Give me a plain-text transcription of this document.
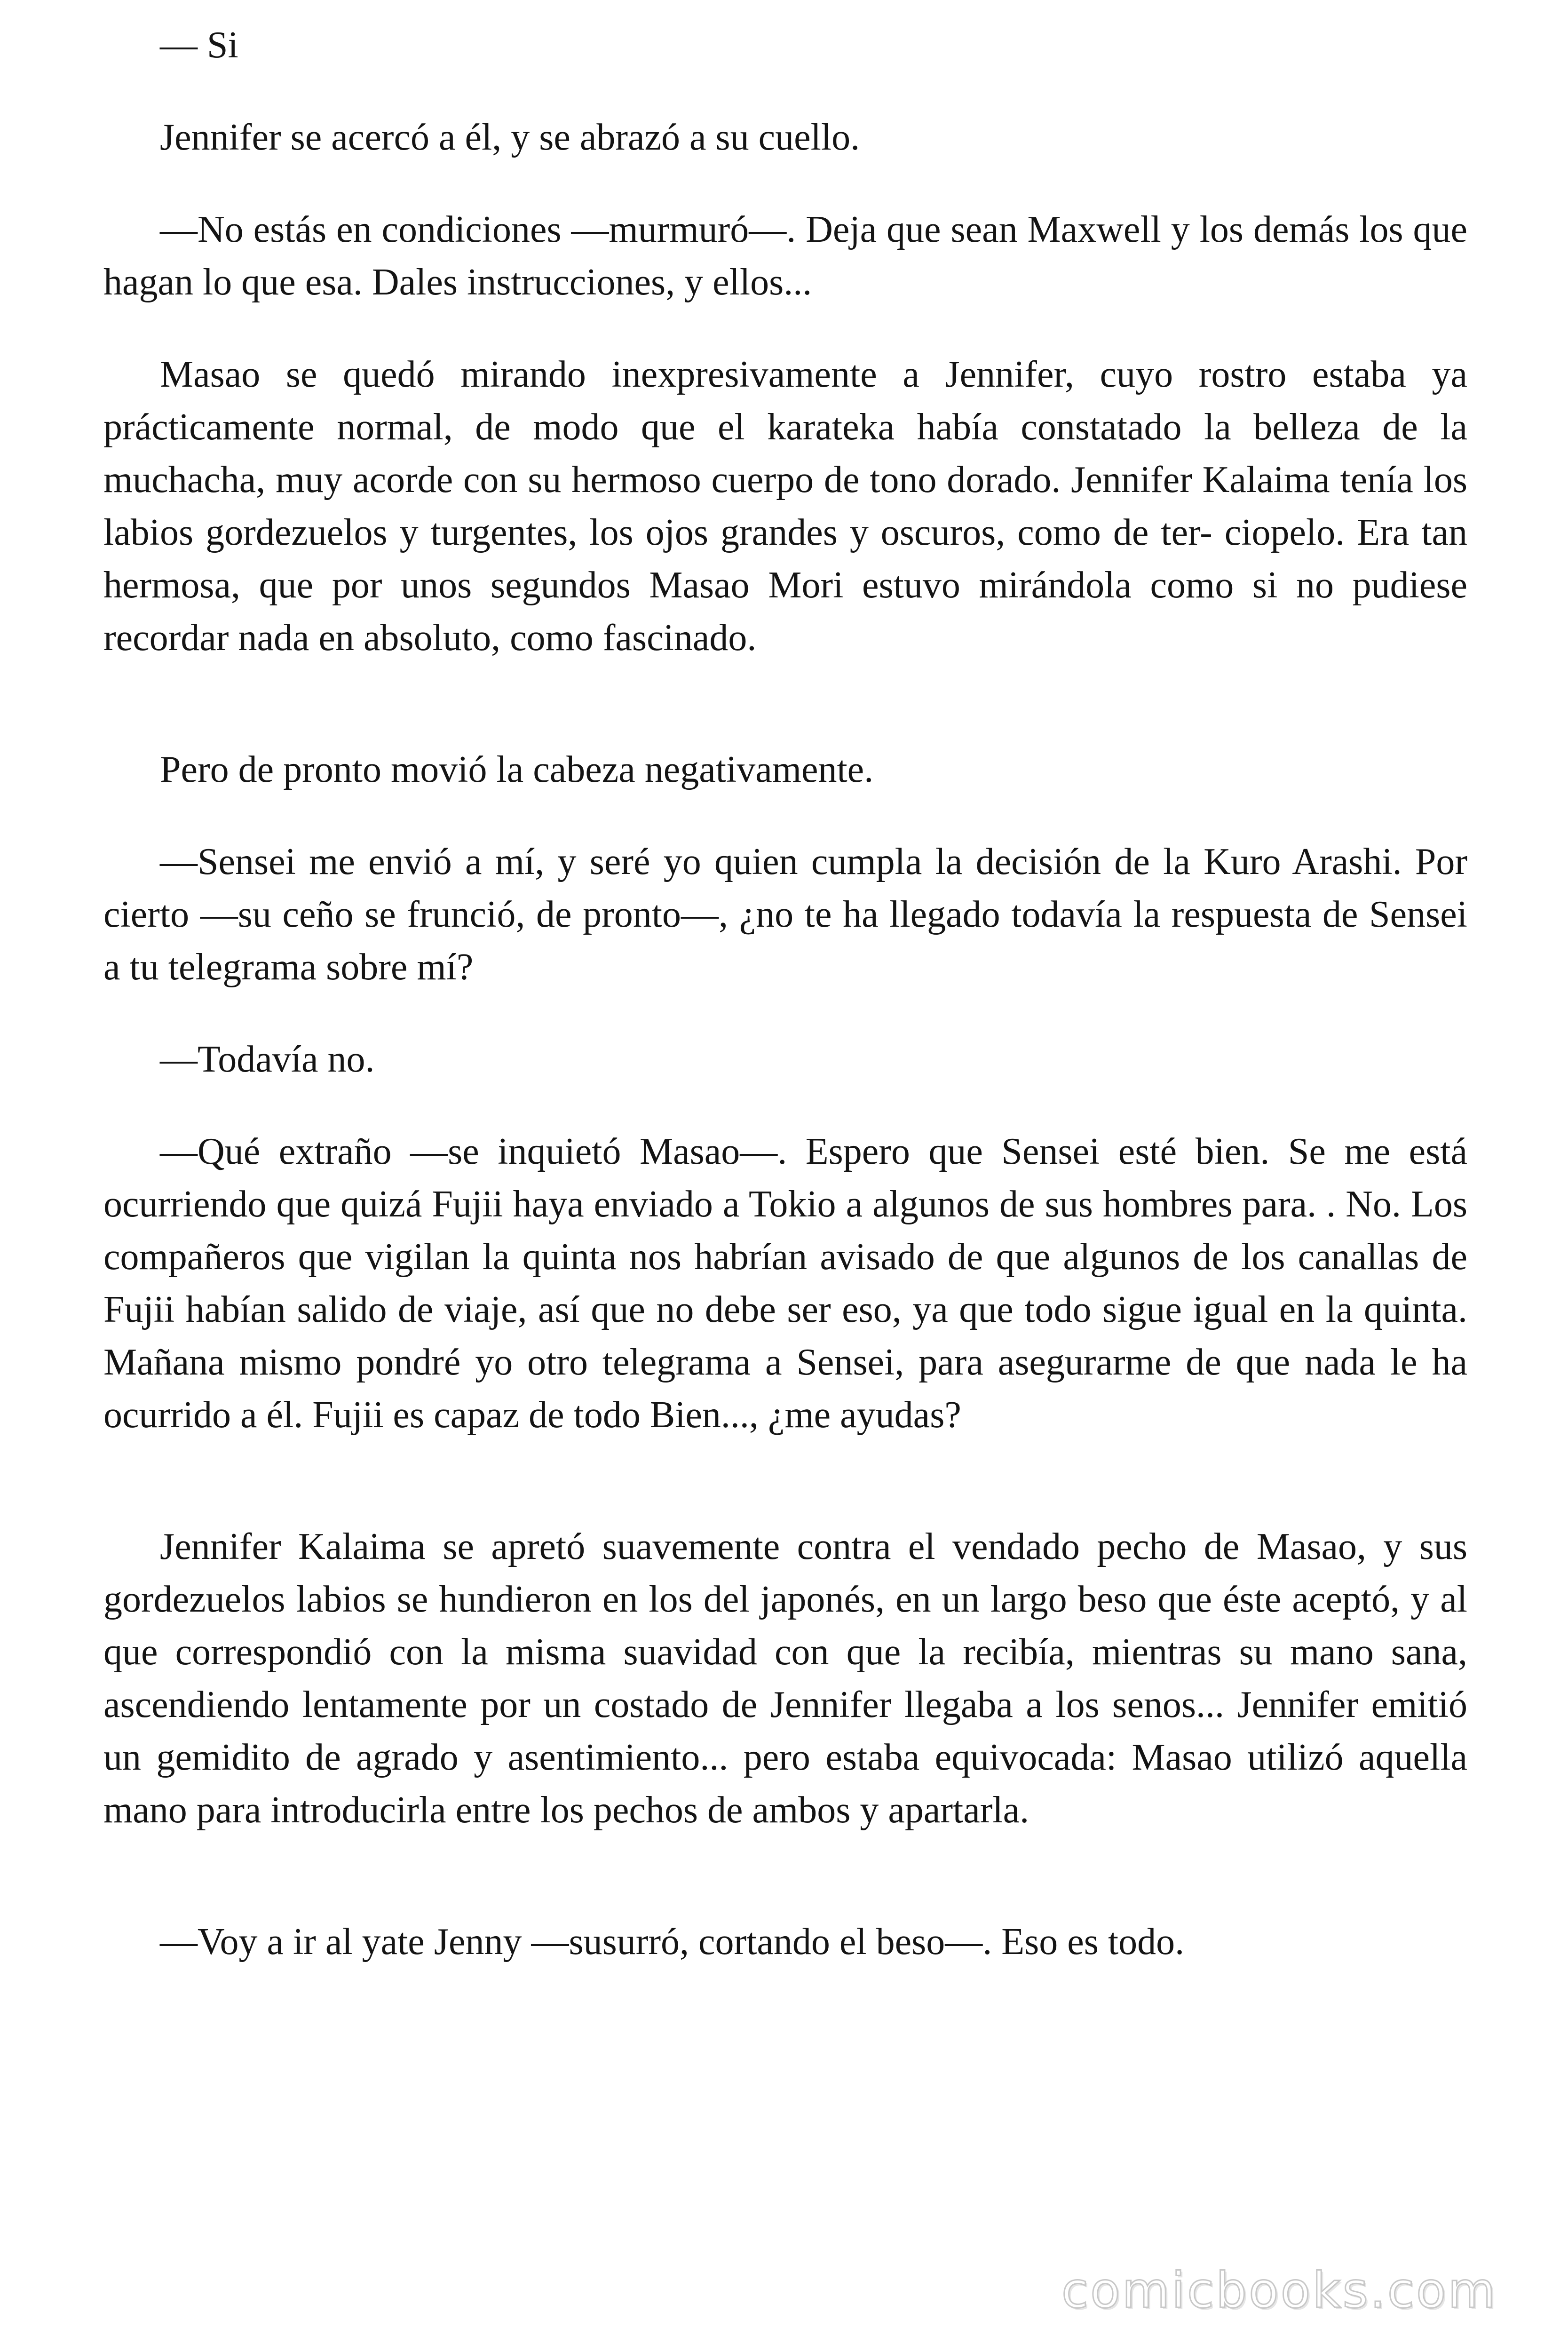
— Si

Jennifer se acercó a él, y se abrazó a su cuello.

—No estás en condiciones —murmuró—. Deja que sean Maxwell y los demás los que hagan lo que esa. Dales instrucciones, y ellos...

Masao se quedó mirando inexpresivamente a Jennifer, cuyo rostro estaba ya prácticamente normal, de modo que el karateka había constatado la belleza de la muchacha, muy acorde con su hermoso cuerpo de tono dorado. Jennifer Kalaima tenía los labios gordezuelos y turgentes, los ojos grandes y oscuros, como de ter- ciopelo. Era tan hermosa, que por unos segundos Masao Mori estuvo mirándola como si no pudiese recordar nada en absoluto, como fascinado.

Pero de pronto movió la cabeza negativamente.

—Sensei me envió a mí, y seré yo quien cumpla la decisión de la Kuro Arashi. Por cierto —su ceño se frunció, de pronto—, ¿no te ha llegado todavía la respuesta de Sensei a tu telegrama sobre mí?

—Todavía no.

—Qué extraño —se inquietó Masao—. Espero que Sensei esté bien. Se me está ocurriendo que quizá Fujii haya enviado a Tokio a algunos de sus hombres para. . No. Los compañeros que vigilan la quinta nos habrían avisado de que algunos de los canallas de Fujii habían salido de viaje, así que no debe ser eso, ya que todo sigue igual en la quinta. Mañana mismo pondré yo otro telegrama a Sensei, para asegurarme de que nada le ha ocurrido a él. Fujii es capaz de todo Bien..., ¿me ayudas?

Jennifer Kalaima se apretó suavemente contra el vendado pecho de Masao, y sus gordezuelos labios se hundieron en los del japonés, en un largo beso que éste aceptó, y al que correspondió con la misma suavidad con que la recibía, mientras su mano sana, ascendiendo lentamente por un costado de Jennifer llegaba a los senos... Jennifer emitió un gemidito de agrado y asentimiento... pero estaba equivocada: Masao utilizó aquella mano para introducirla entre los pechos de ambos y apartarla.

—Voy a ir al yate Jenny —susurró, cortando el beso—. Eso es todo.

comicbooks.com
